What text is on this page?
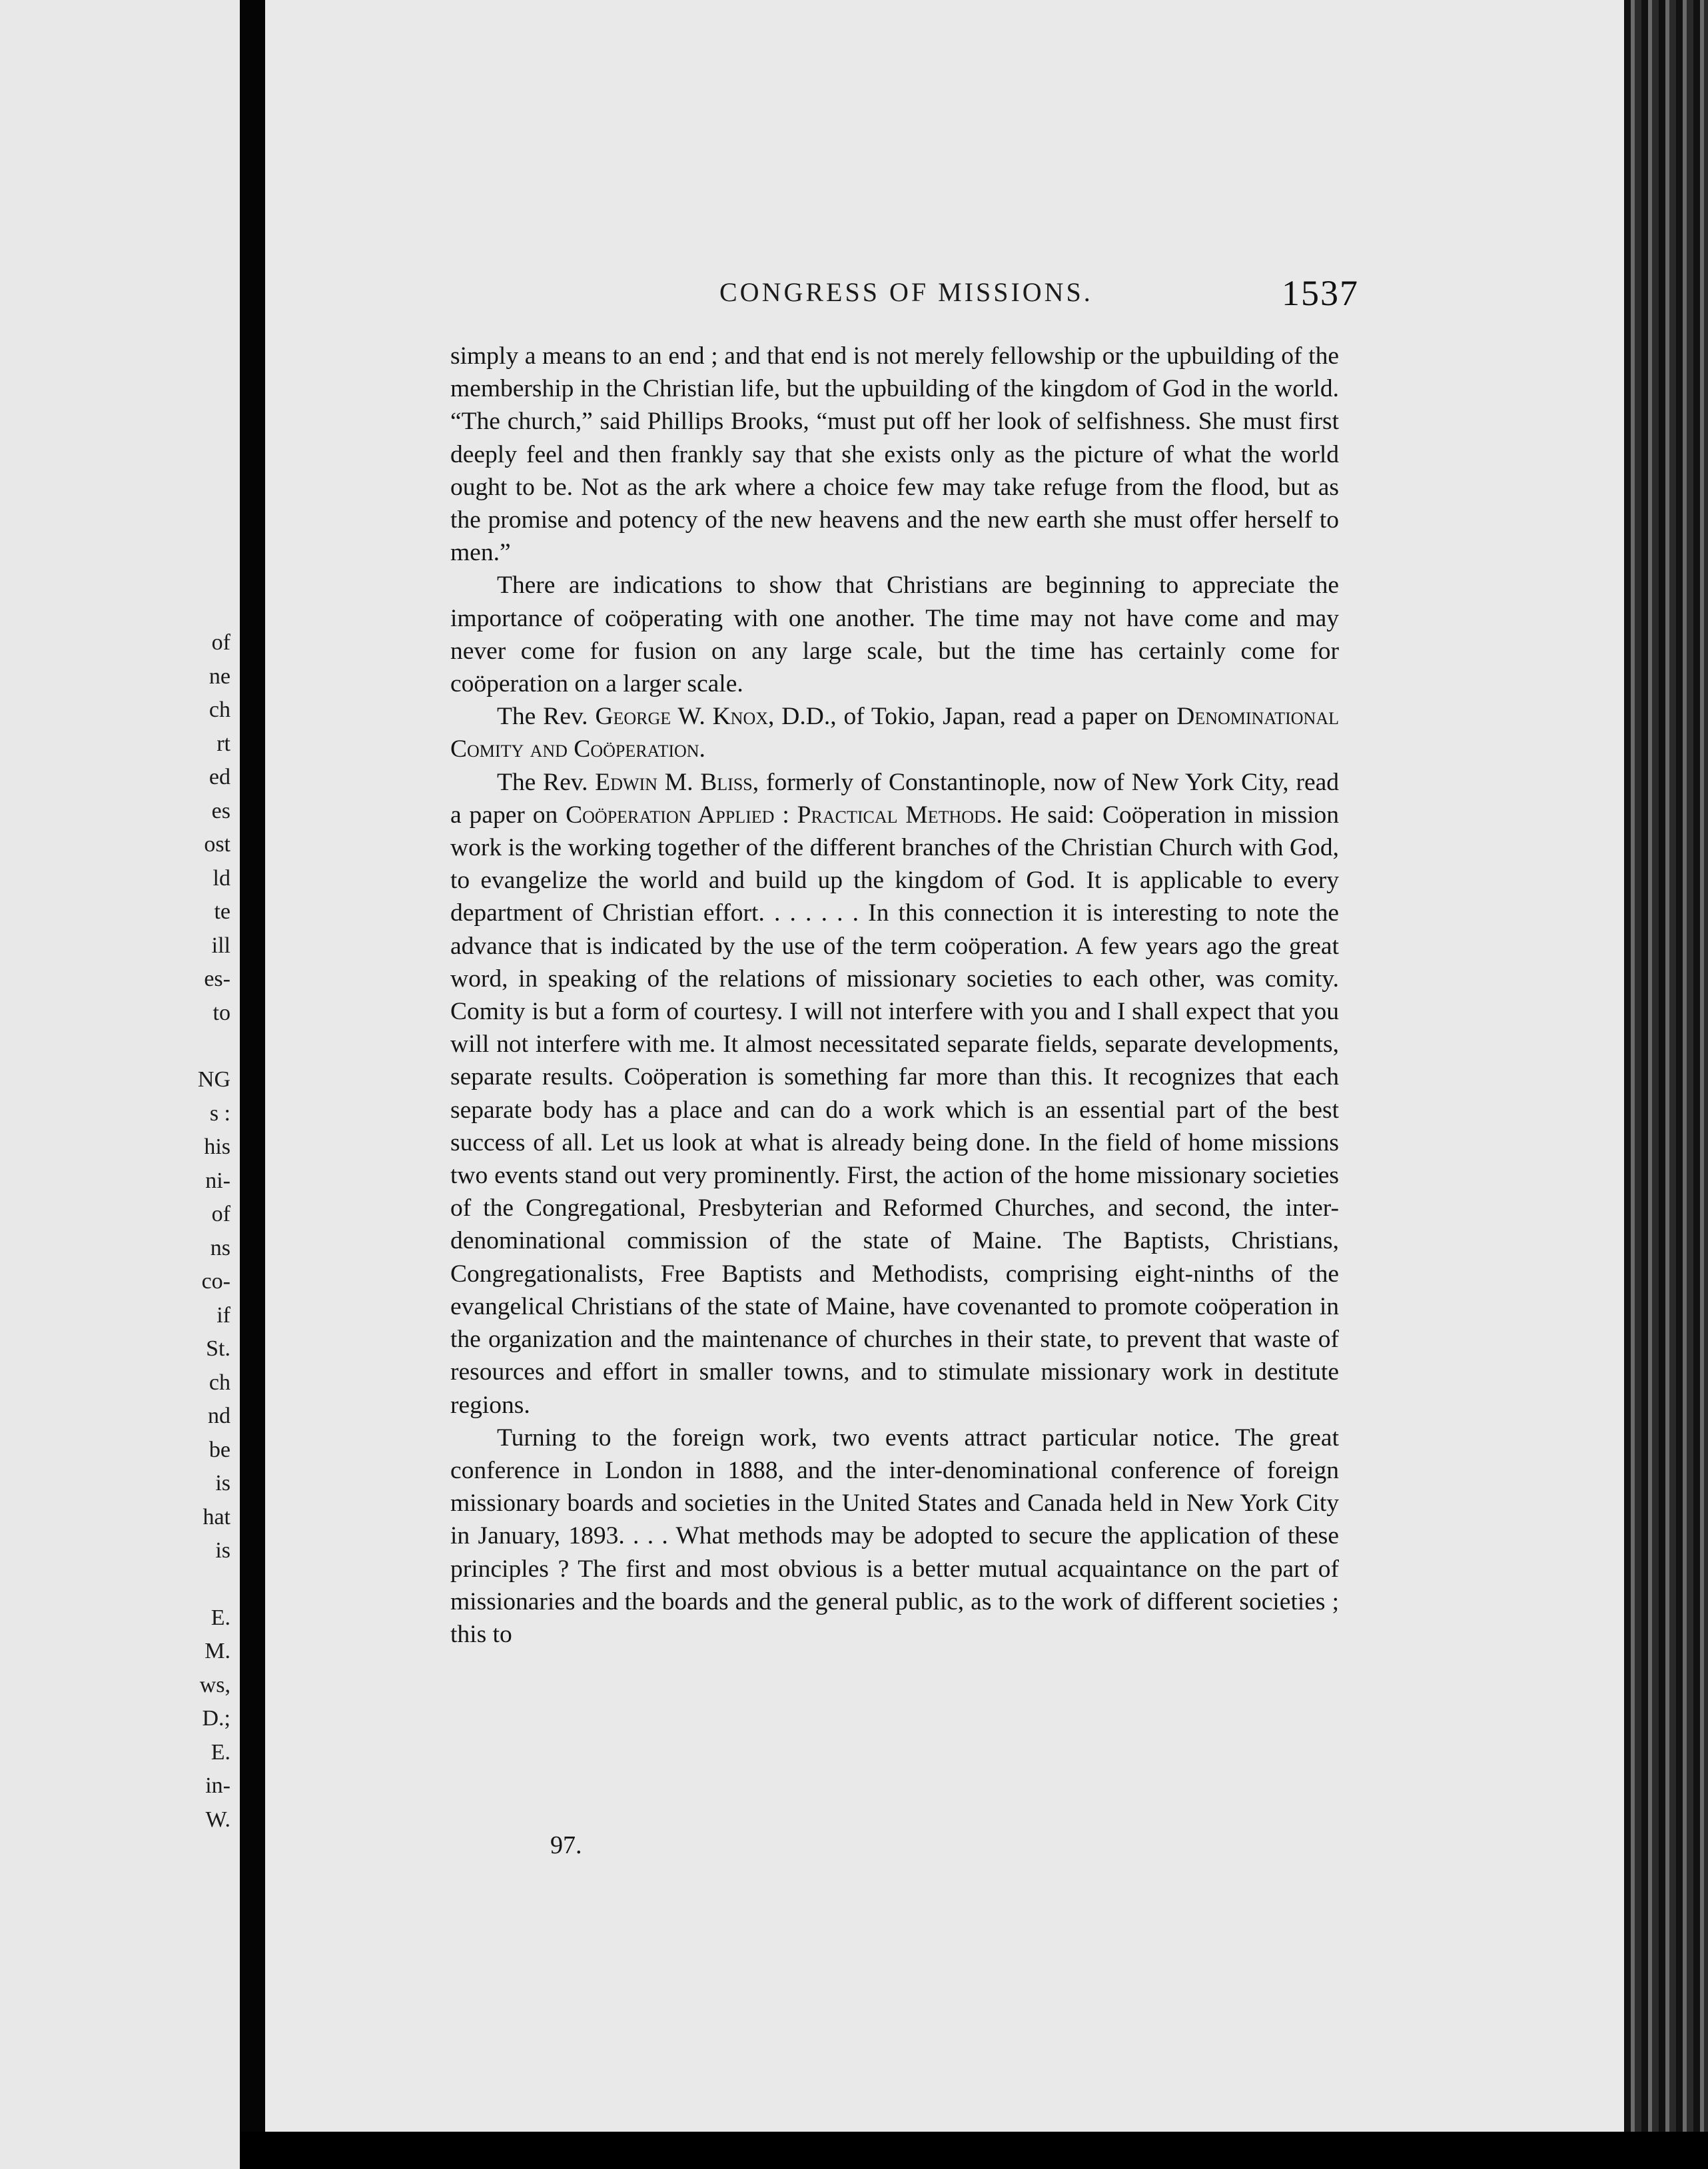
of
ne
ch
rt
ed
es
ost
ld
te
ill
es-
to
NG
s :
his
ni-
of
ns
co-
if
St.
ch
nd
be
is
hat
is
E.
M.
ws,
D.;
E.
in-
W.
CONGRESS OF MISSIONS.	1537

simply a means to an end ; and that end is not merely fellowship or the upbuilding of the membership in the Christian life, but the upbuilding of the kingdom of God in the world. “The church,” said Phillips Brooks, “must put off her look of selfishness. She must first deeply feel and then frankly say that she exists only as the picture of what the world ought to be. Not as the ark where a choice few may take refuge from the flood, but as the promise and potency of the new heavens and the new earth she must offer herself to men.”

There are indications to show that Christians are beginning to appreciate the importance of coöperating with one another. The time may not have come and may never come for fusion on any large scale, but the time has certainly come for coöperation on a larger scale.

The Rev. George W. Knox, D.D., of Tokio, Japan, read a paper on Denominational Comity and Coöperation.

The Rev. Edwin M. Bliss, formerly of Constantinople, now of New York City, read a paper on Coöperation Applied : Practical Methods. He said: Coöperation in mission work is the working together of the different branches of the Christian Church with God, to evangelize the world and build up the kingdom of God. It is applicable to every department of Christian effort. . . . . . . In this connection it is interesting to note the advance that is indicated by the use of the term coöperation. A few years ago the great word, in speaking of the relations of missionary societies to each other, was comity. Comity is but a form of courtesy. I will not interfere with you and I shall expect that you will not interfere with me. It almost necessitated separate fields, separate developments, separate results. Coöperation is something far more than this. It recognizes that each separate body has a place and can do a work which is an essential part of the best success of all. Let us look at what is already being done. In the field of home missions two events stand out very prominently. First, the action of the home missionary societies of the Congregational, Presbyterian and Reformed Churches, and second, the inter-denominational commission of the state of Maine. The Baptists, Christians, Congregationalists, Free Baptists and Methodists, comprising eight-ninths of the evangelical Christians of the state of Maine, have covenanted to promote coöperation in the organization and the maintenance of churches in their state, to prevent that waste of resources and effort in smaller towns, and to stimulate missionary work in destitute regions.

Turning to the foreign work, two events attract particular notice. The great conference in London in 1888, and the inter-denominational conference of foreign missionary boards and societies in the United States and Canada held in New York City in January, 1893. . . . What methods may be adopted to secure the application of these principles ? The first and most obvious is a better mutual acquaintance on the part of missionaries and the boards and the general public, as to the work of different societies ; this to

97.
